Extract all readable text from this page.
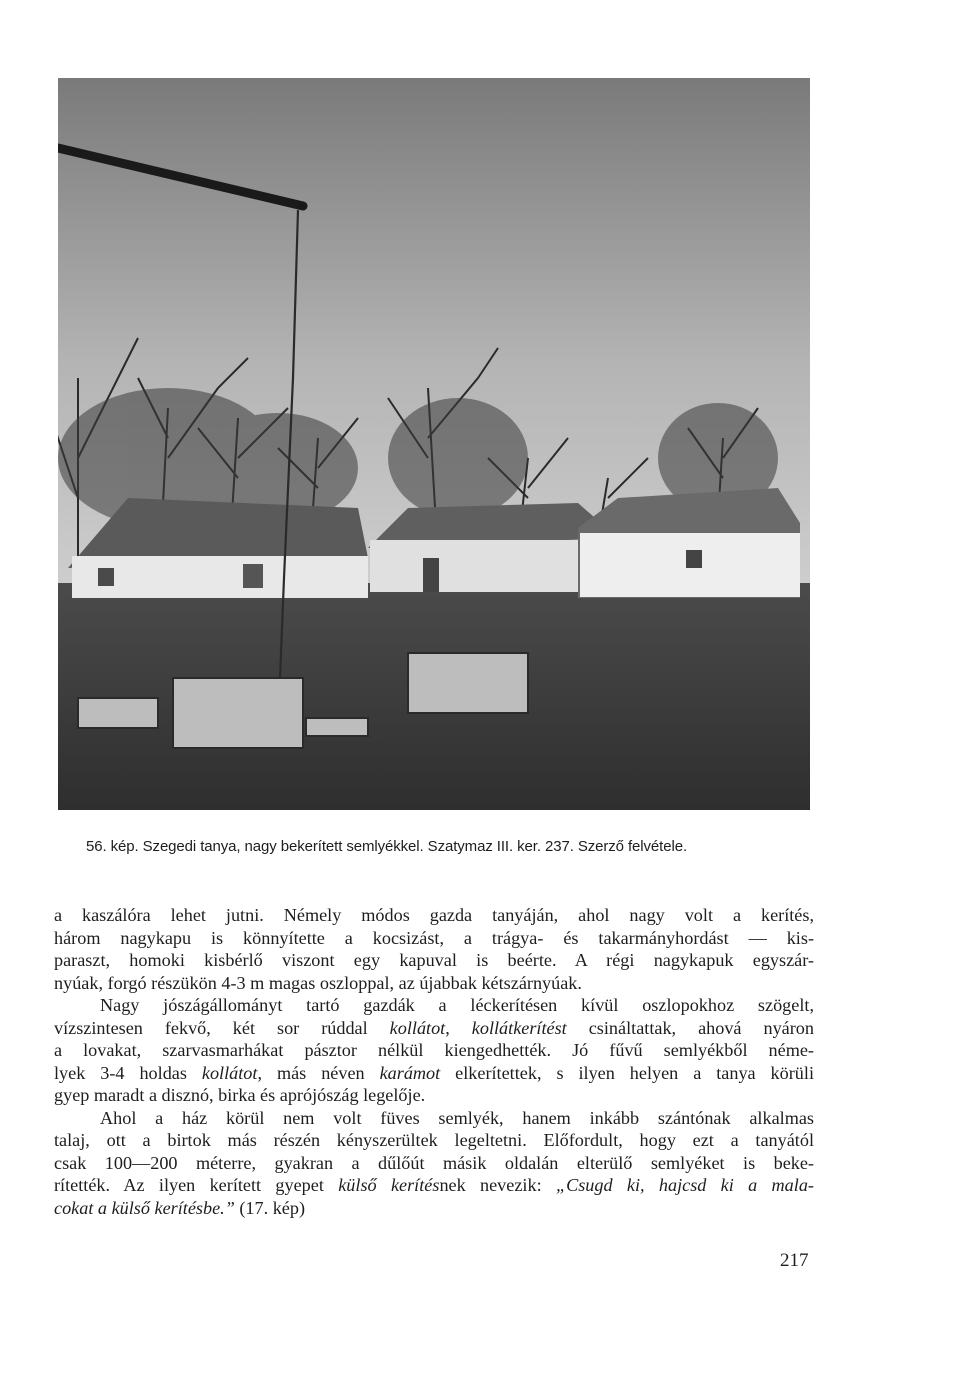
56. kép. Szegedi tanya, nagy bekerített semlyékkel. Szatymaz III. ker. 237. Szerző felvétele.

a kaszálóra lehet jutni. Némely módos gazda tanyáján, ahol nagy volt a kerítés,
három nagykapu is könnyítette a kocsizást, a trágya- és takarmányhordást — kis-
paraszt, homoki kisbérlő viszont egy kapuval is beérte. A régi nagykapuk egyszár-
nyúak, forgó részükön 4-3 m magas oszloppal, az újabbak kétszárnyúak.

Nagy jószágállományt tartó gazdák a léckerítésen kívül oszlopokhoz szögelt,
vízszintesen fekvő, két sor rúddal kollátot, kollátkerítést csináltattak, ahová nyáron
a lovakat, szarvasmarhákat pásztor nélkül kiengedhették. Jó fűvű semlyékből néme-
lyek 3-4 holdas kollátot, más néven karámot elkerítettek, s ilyen helyen a tanya körüli
gyep maradt a disznó, birka és aprójószág legelője.

Ahol a ház körül nem volt füves semlyék, hanem inkább szántónak alkalmas
talaj, ott a birtok más részén kényszerültek legeltetni. Előfordult, hogy ezt a tanyától
csak 100—200 méterre, gyakran a dűlőút másik oldalán elterülő semlyéket is beke-
rítették. Az ilyen kerített gyepet külső kerítésnek nevezik: „Csugd ki, hajcsd ki a mala-
cokat a külső kerítésbe.” (17. kép)

217
